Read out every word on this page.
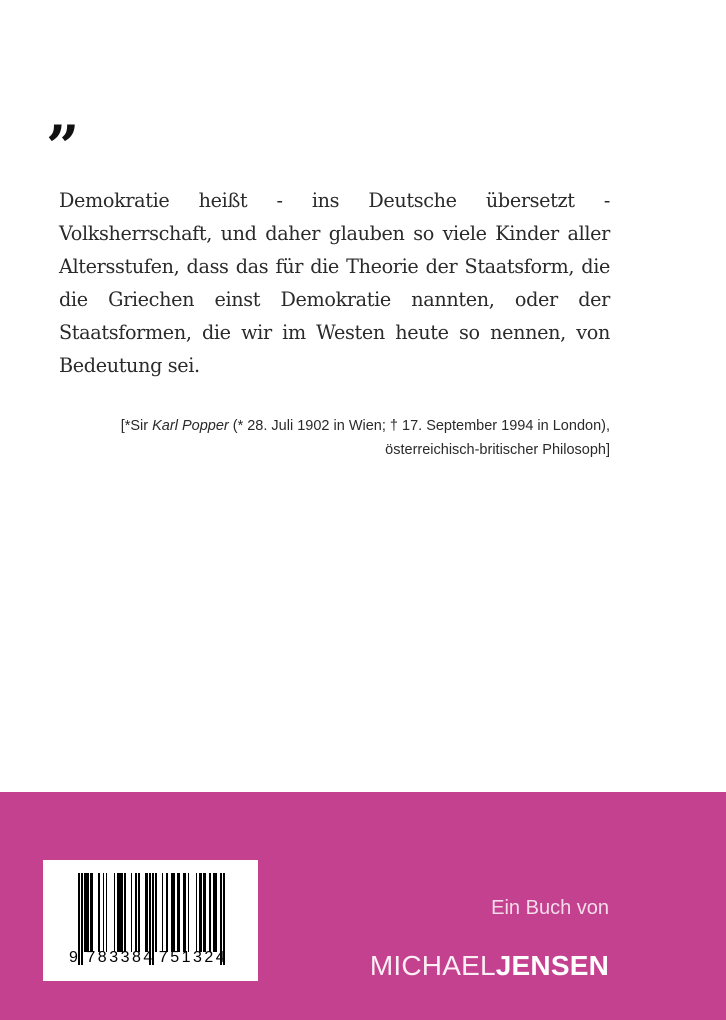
”

Demokratie heißt - ins Deutsche übersetzt - Volksherrschaft, und daher glauben so viele Kinder aller Altersstufen, dass das für die Theorie der Staatsform, die die Griechen einst Demokratie nannten, oder der Staatsformen, die wir im Westen heute so nennen, von Bedeutung sei.

[*Sir Karl Popper (* 28. Juli 1902 in Wien; † 17. September 1994 in London),
österreichisch-britischer Philosoph]
9 783384 751324
Ein Buch von
MICHAELJENSEN
